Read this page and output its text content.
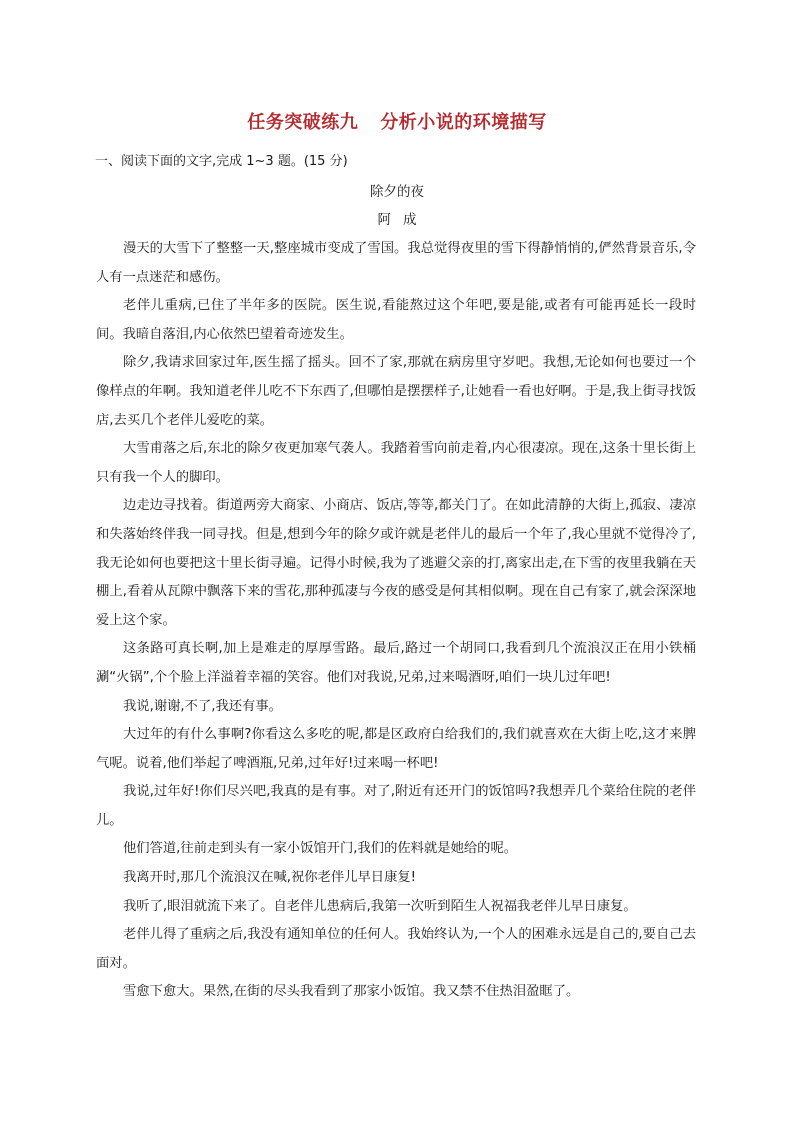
任务突破练九 分析小说的环境描写
一、阅读下面的文字,完成 1~3 题。(15 分)
除夕的夜
阿成

漫天的大雪下了整整一天,整座城市变成了雪国。我总觉得夜里的雪下得静悄悄的,俨然背景音乐,令人有一点迷茫和感伤。

老伴儿重病,已住了半年多的医院。医生说,看能熬过这个年吧,要是能,或者有可能再延长一段时间。我暗自落泪,内心依然巴望着奇迹发生。

除夕,我请求回家过年,医生摇了摇头。回不了家,那就在病房里守岁吧。我想,无论如何也要过一个像样点的年啊。我知道老伴儿吃不下东西了,但哪怕是摆摆样子,让她看一看也好啊。于是,我上街寻找饭店,去买几个老伴儿爱吃的菜。

大雪甫落之后,东北的除夕夜更加寒气袭人。我踏着雪向前走着,内心很凄凉。现在,这条十里长街上只有我一个人的脚印。

边走边寻找着。街道两旁大商家、小商店、饭店,等等,都关门了。在如此清静的大街上,孤寂、凄凉和失落始终伴我一同寻找。但是,想到今年的除夕或许就是老伴儿的最后一个年了,我心里就不觉得冷了,我无论如何也要把这十里长街寻遍。记得小时候,我为了逃避父亲的打,离家出走,在下雪的夜里我躺在天棚上,看着从瓦隙中飘落下来的雪花,那种孤凄与今夜的感受是何其相似啊。现在自己有家了,就会深深地爱上这个家。

这条路可真长啊,加上是难走的厚厚雪路。最后,路过一个胡同口,我看到几个流浪汉正在用小铁桶涮“火锅”,个个脸上洋溢着幸福的笑容。他们对我说,兄弟,过来喝酒呀,咱们一块儿过年吧!

我说,谢谢,不了,我还有事。

大过年的有什么事啊?你看这么多吃的呢,都是区政府白给我们的,我们就喜欢在大街上吃,这才来脾气呢。说着,他们举起了啤酒瓶,兄弟,过年好!过来喝一杯吧!

我说,过年好!你们尽兴吧,我真的是有事。对了,附近有还开门的饭馆吗?我想弄几个菜给住院的老伴儿。

他们答道,往前走到头有一家小饭馆开门,我们的佐料就是她给的呢。

我离开时,那几个流浪汉在喊,祝你老伴儿早日康复!

我听了,眼泪就流下来了。自老伴儿患病后,我第一次听到陌生人祝福我老伴儿早日康复。

老伴儿得了重病之后,我没有通知单位的任何人。我始终认为,一个人的困难永远是自己的,要自己去面对。

雪愈下愈大。果然,在街的尽头我看到了那家小饭馆。我又禁不住热泪盈眶了。
